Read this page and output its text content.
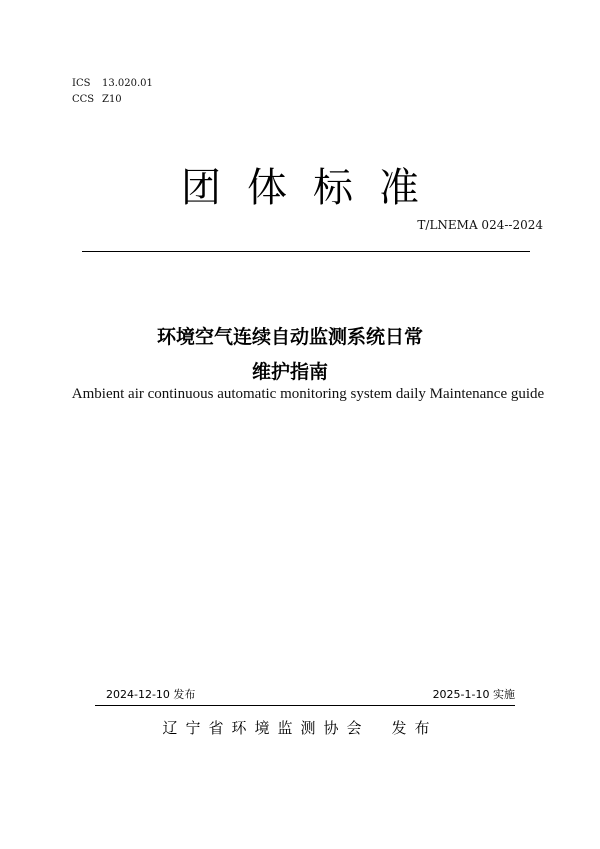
ICS 13.020.01
CCS Z10
团体标准
T/LNEMA 024--2024
环境空气连续自动监测系统日常
维护指南
Ambient air continuous automatic monitoring system daily Maintenance guide
2024-12-10 发布	2025-1-10 实施
辽宁省环境监测协会 发布
